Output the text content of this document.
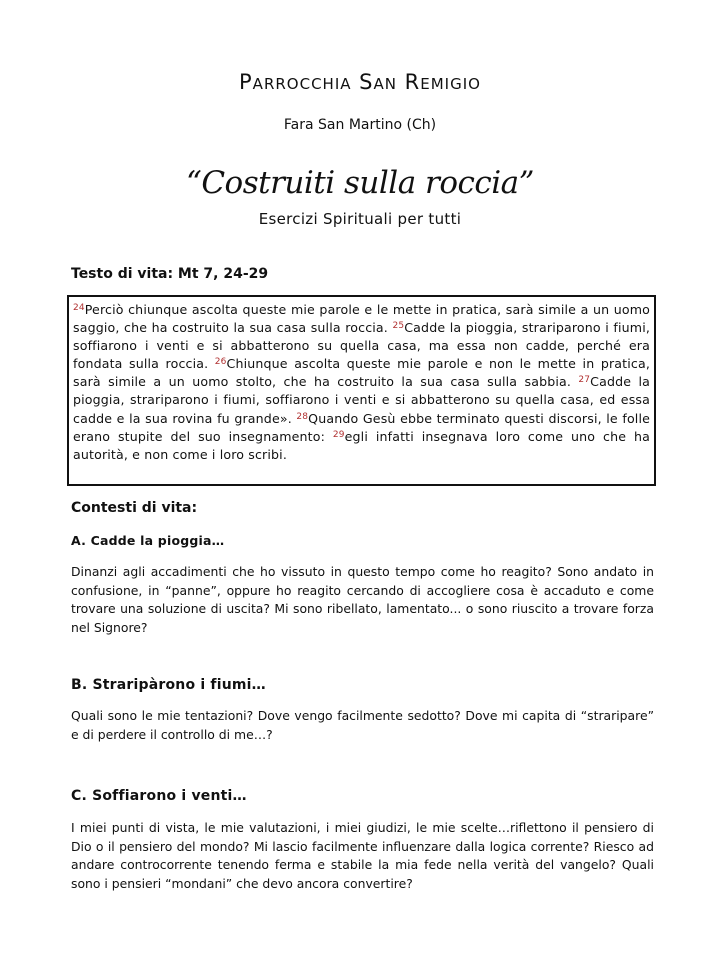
Parrocchia San Remigio
Fara San Martino (Ch)
“Costruiti sulla roccia”
Esercizi Spirituali per tutti
Testo di vita: Mt 7, 24-29
$^{24}$Perciò chiunque ascolta queste mie parole e le mette in pratica, sarà simile a un uomo saggio, che ha costruito la sua casa sulla roccia. $^{25}$Cadde la pioggia, strariparono i fiumi, soffiarono i venti e si abbatterono su quella casa, ma essa non cadde, perché era fondata sulla roccia. $^{26}$Chiunque ascolta queste mie parole e non le mette in pratica, sarà simile a un uomo stolto, che ha costruito la sua casa sulla sabbia. $^{27}$Cadde la pioggia, strariparono i fiumi, soffiarono i venti e si abbatterono su quella casa, ed essa cadde e la sua rovina fu grande». $^{28}$Quando Gesù ebbe terminato questi discorsi, le folle erano stupite del suo insegnamento: $^{29}$egli infatti insegnava loro come uno che ha autorità, e non come i loro scribi.
Contesti di vita:
A. Cadde la pioggia…
Dinanzi agli accadimenti che ho vissuto in questo tempo come ho reagito? Sono andato in confusione, in “panne”, oppure ho reagito cercando di accogliere cosa è accaduto e come trovare una soluzione di uscita? Mi sono ribellato, lamentato... o sono riuscito a trovare forza nel Signore?
B. Straripàrono i fiumi…
Quali sono le mie tentazioni? Dove vengo facilmente sedotto? Dove mi capita di “straripare” e di perdere il controllo di me…?
C. Soffiarono i venti…
I miei punti di vista, le mie valutazioni, i miei giudizi, le mie scelte…riflettono il pensiero di Dio o il pensiero del mondo? Mi lascio facilmente influenzare dalla logica corrente? Riesco ad andare controcorrente tenendo ferma e stabile la mia fede nella verità del vangelo? Quali sono i pensieri “mondani” che devo ancora convertire?
